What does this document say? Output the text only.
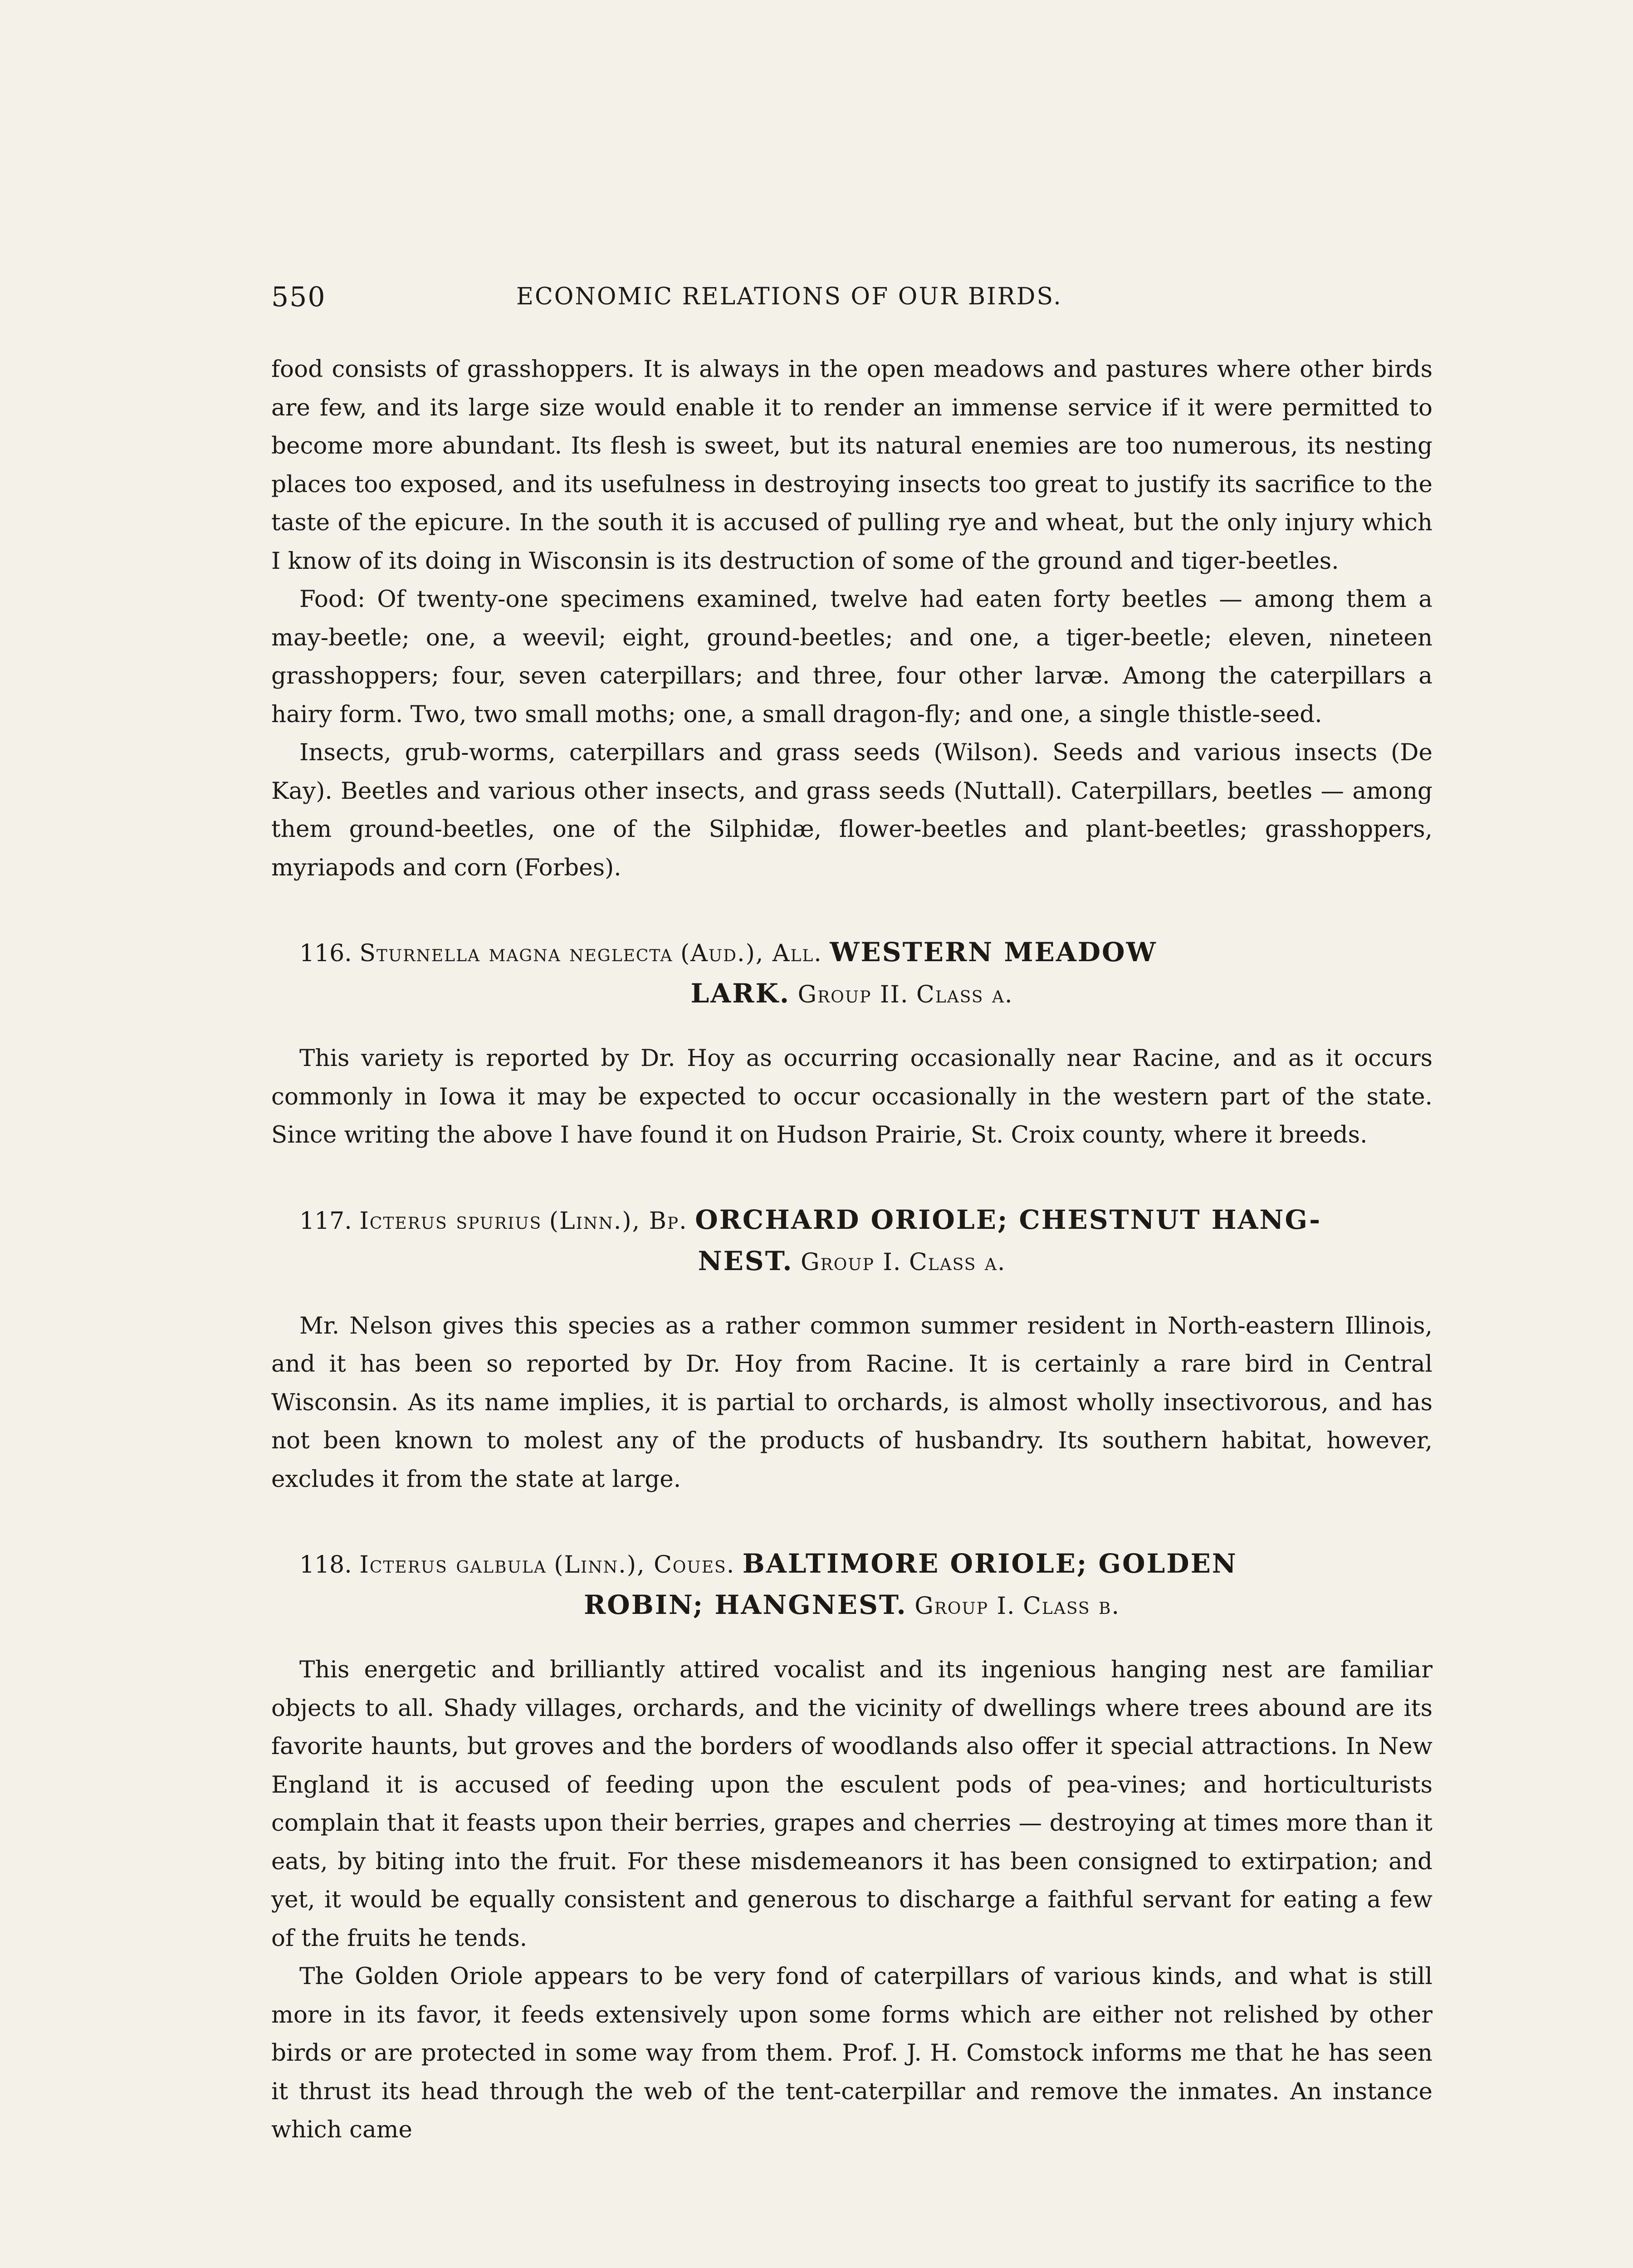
550	ECONOMIC RELATIONS OF OUR BIRDS.

food consists of grasshoppers. It is always in the open meadows and pastures where other birds are few, and its large size would enable it to render an immense service if it were permitted to become more abundant. Its flesh is sweet, but its natural enemies are too numerous, its nesting places too exposed, and its usefulness in destroying insects too great to justify its sacrifice to the taste of the epicure. In the south it is accused of pulling rye and wheat, but the only injury which I know of its doing in Wisconsin is its destruction of some of the ground and tiger-beetles.

Food: Of twenty-one specimens examined, twelve had eaten forty beetles — among them a may-beetle; one, a weevil; eight, ground-beetles; and one, a tiger-beetle; eleven, nineteen grasshoppers; four, seven caterpillars; and three, four other larvæ. Among the caterpillars a hairy form. Two, two small moths; one, a small dragon-fly; and one, a single thistle-seed.

Insects, grub-worms, caterpillars and grass seeds (Wilson). Seeds and various insects (De Kay). Beetles and various other insects, and grass seeds (Nuttall). Caterpillars, beetles — among them ground-beetles, one of the Silphidæ, flower-beetles and plant-beetles; grasshoppers, myriapods and corn (Forbes).

116. Sturnella magna neglecta (Aud.), All. WESTERN MEADOW
LARK. Group II. Class a.

This variety is reported by Dr. Hoy as occurring occasionally near Racine, and as it occurs commonly in Iowa it may be expected to occur occasionally in the western part of the state. Since writing the above I have found it on Hudson Prairie, St. Croix county, where it breeds.

117. Icterus spurius (Linn.), Bp. ORCHARD ORIOLE; CHESTNUT HANG-
NEST. Group I. Class a.

Mr. Nelson gives this species as a rather common summer resident in North-eastern Illinois, and it has been so reported by Dr. Hoy from Racine. It is certainly a rare bird in Central Wisconsin. As its name implies, it is partial to orchards, is almost wholly insectivorous, and has not been known to molest any of the products of husbandry. Its southern habitat, however, excludes it from the state at large.

118. Icterus galbula (Linn.), Coues. BALTIMORE ORIOLE; GOLDEN
ROBIN; HANGNEST. Group I. Class b.

This energetic and brilliantly attired vocalist and its ingenious hanging nest are familiar objects to all. Shady villages, orchards, and the vicinity of dwellings where trees abound are its favorite haunts, but groves and the borders of woodlands also offer it special attractions. In New England it is accused of feeding upon the esculent pods of pea-vines; and horticulturists complain that it feasts upon their berries, grapes and cherries — destroying at times more than it eats, by biting into the fruit. For these misdemeanors it has been consigned to extirpation; and yet, it would be equally consistent and generous to discharge a faithful servant for eating a few of the fruits he tends.

The Golden Oriole appears to be very fond of caterpillars of various kinds, and what is still more in its favor, it feeds extensively upon some forms which are either not relished by other birds or are protected in some way from them. Prof. J. H. Comstock informs me that he has seen it thrust its head through the web of the tent-caterpillar and remove the inmates. An instance which came
